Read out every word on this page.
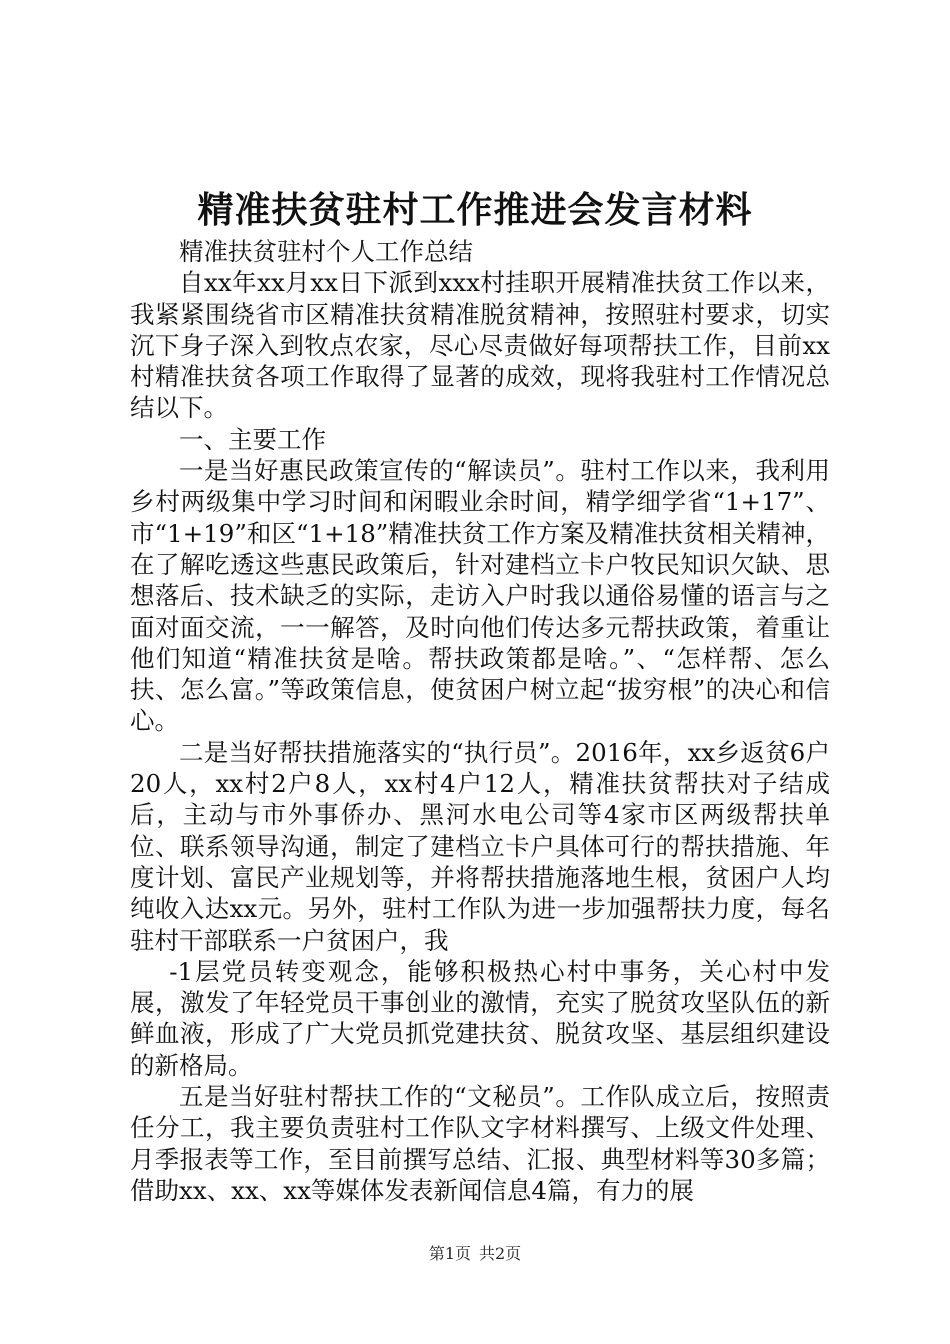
精准扶贫驻村工作推进会发言材料

精准扶贫驻村个人工作总结

自xx年xx月xx日下派到xxx村挂职开展精准扶贫工作以来，我紧紧围绕省市区精准扶贫精准脱贫精神，按照驻村要求，切实沉下身子深入到牧点农家，尽心尽责做好每项帮扶工作，目前xx村精准扶贫各项工作取得了显著的成效，现将我驻村工作情况总结以下。

一、主要工作

一是当好惠民政策宣传的“解读员”。驻村工作以来，我利用乡村两级集中学习时间和闲暇业余时间，精学细学省“1+17”、市“1+19”和区“1+18”精准扶贫工作方案及精准扶贫相关精神，在了解吃透这些惠民政策后，针对建档立卡户牧民知识欠缺、思想落后、技术缺乏的实际，走访入户时我以通俗易懂的语言与之面对面交流，一一解答，及时向他们传达多元帮扶政策，着重让他们知道“精准扶贫是啥。帮扶政策都是啥。”、“怎样帮、怎么扶、怎么富。”等政策信息，使贫困户树立起“拔穷根”的决心和信心。

二是当好帮扶措施落实的“执行员”。2016年，xx乡返贫6户20人，xx村2户8人，xx村4户12人，精准扶贫帮扶对子结成后，主动与市外事侨办、黑河水电公司等4家市区两级帮扶单位、联系领导沟通，制定了建档立卡户具体可行的帮扶措施、年度计划、富民产业规划等，并将帮扶措施落地生根，贫困户人均纯收入达xx元。另外，驻村工作队为进一步加强帮扶力度，每名驻村干部联系一户贫困户，我

-1层党员转变观念，能够积极热心村中事务，关心村中发展，激发了年轻党员干事创业的激情，充实了脱贫攻坚队伍的新鲜血液，形成了广大党员抓党建扶贫、脱贫攻坚、基层组织建设的新格局。

五是当好驻村帮扶工作的“文秘员”。工作队成立后，按照责任分工，我主要负责驻村工作队文字材料撰写、上级文件处理、月季报表等工作，至目前撰写总结、汇报、典型材料等30多篇；借助xx、xx、xx等媒体发表新闻信息4篇，有力的展

第1页 共2页
